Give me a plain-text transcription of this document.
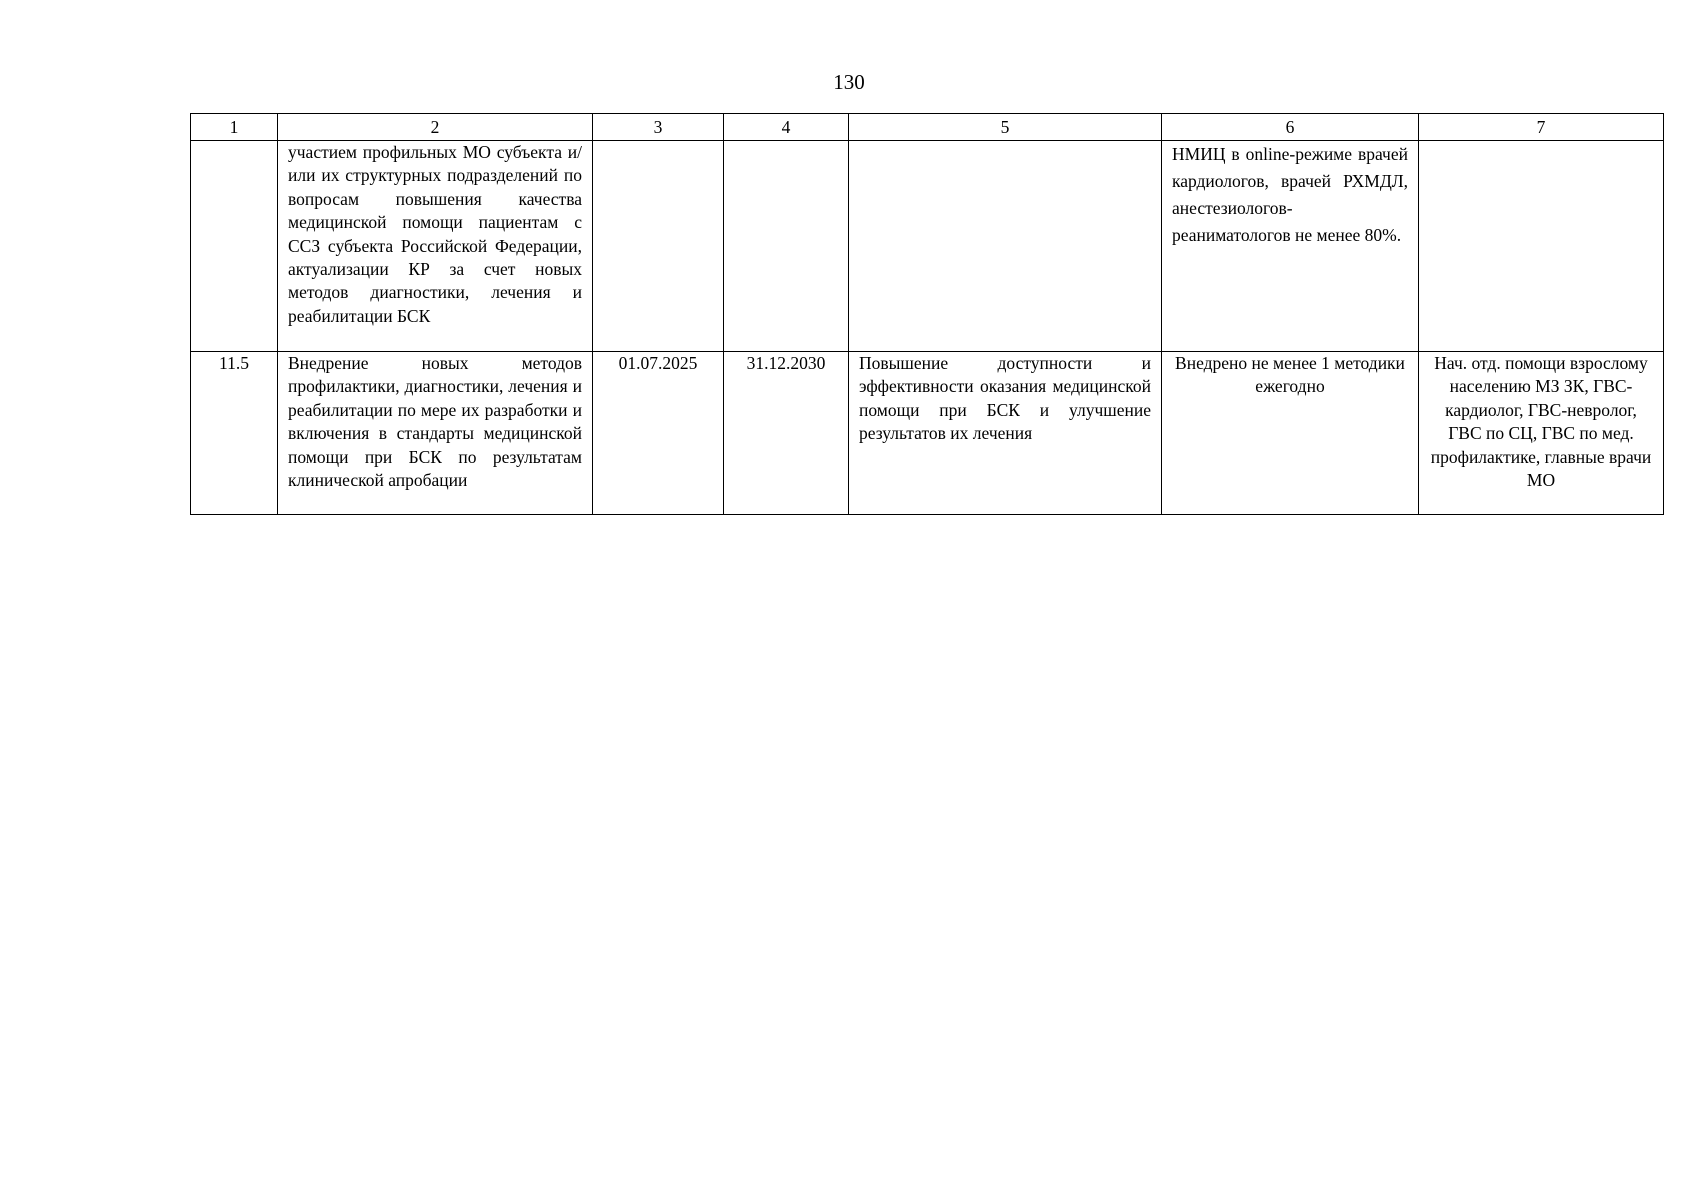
130
1	2	3	4	5	6	7
	участием профильных МО субъекта и/или их структурных подразделений по вопросам повышения качества медицинской помощи пациентам с ССЗ субъекта Российской Федерации, актуализации КР за счет новых методов диагностики, лечения и реабилитации БСК				НМИЦ в online-режиме врачей кардиологов, врачей РХМДЛ, анестезиологов-реаниматологов не менее 80%.	
11.5	Внедрение новых методов профилактики, диагностики, лечения и реабилитации по мере их разработки и включения в стандарты медицинской помощи при БСК по результатам клинической апробации	01.07.2025	31.12.2030	Повышение доступности и эффективности оказания медицинской помощи при БСК и улучшение результатов их лечения	Внедрено не менее 1 методики ежегодно	Нач. отд. помощи взрослому населению МЗ ЗК, ГВС-кардиолог, ГВС-невролог, ГВС по СЦ, ГВС по мед. профилактике, главные врачи МО
